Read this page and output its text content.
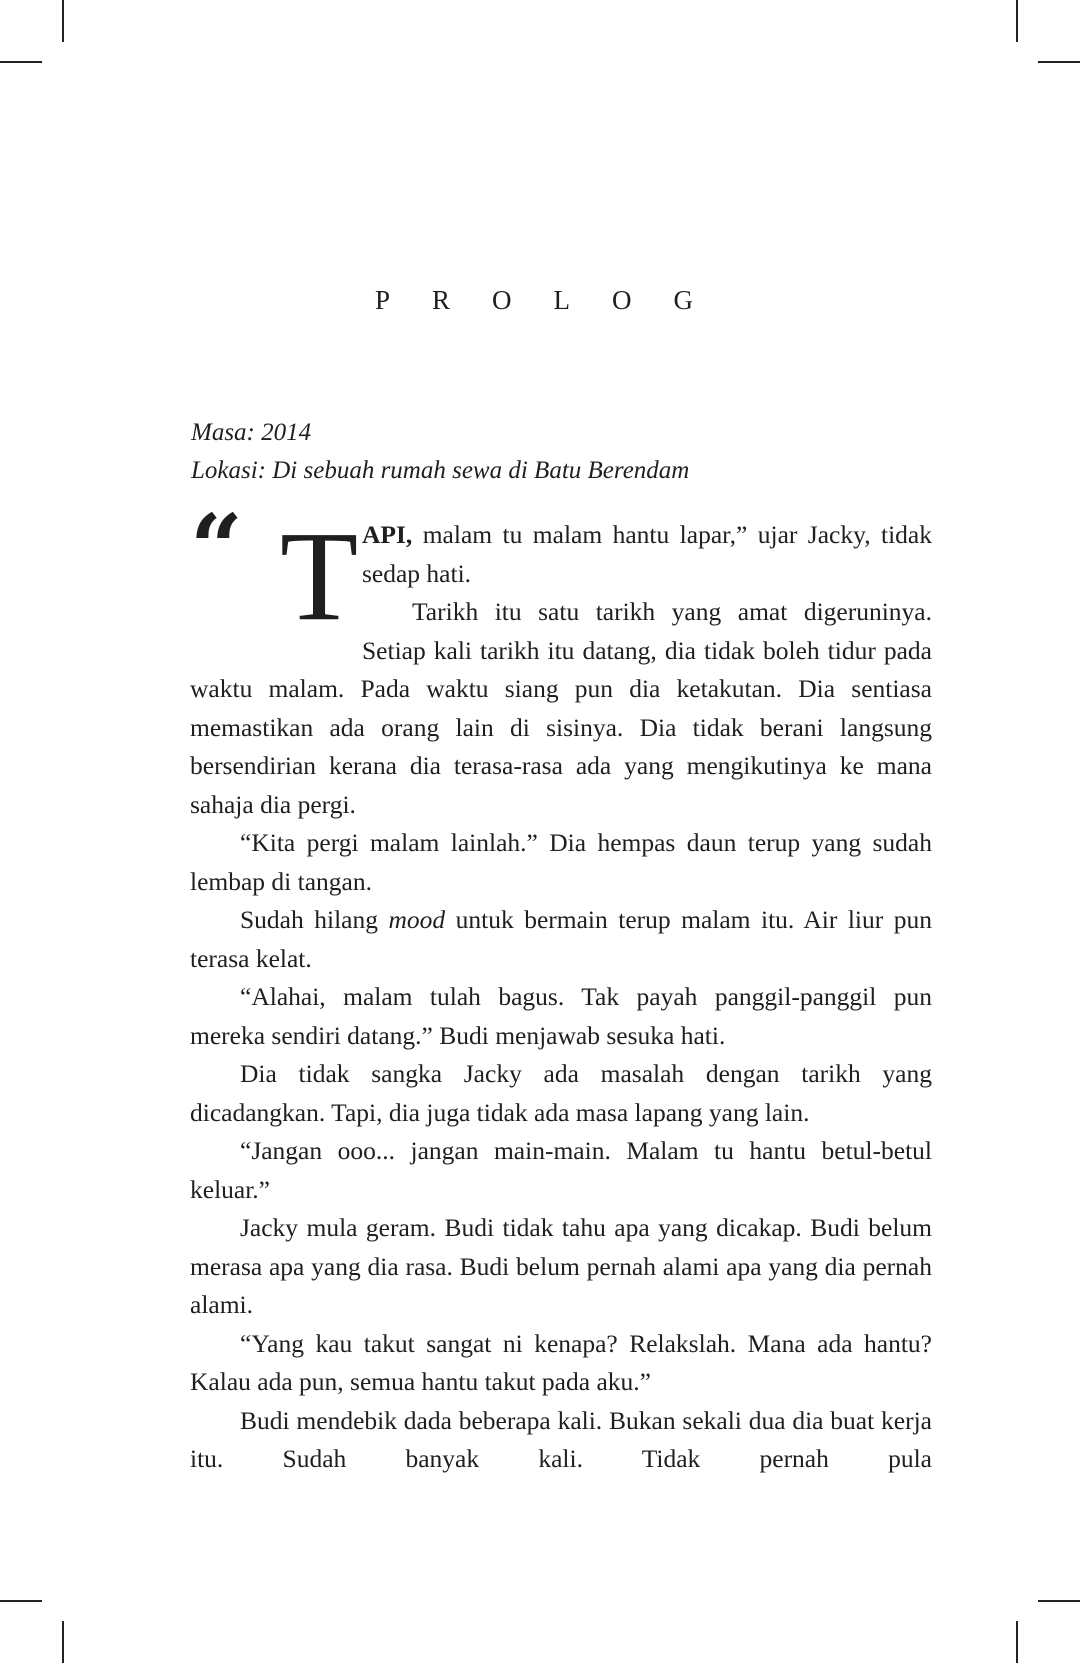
PROLOG
Masa: 2014
Lokasi: Di sebuah rumah sewa di Batu Berendam

“ T API, malam tu malam hantu lapar,” ujar Jacky, tidak sedap hati.

Tarikh itu satu tarikh yang amat digeruninya. Setiap kali tarikh itu datang, dia tidak boleh tidur pada waktu malam. Pada waktu siang pun dia ketakutan. Dia sentiasa memastikan ada orang lain di sisinya. Dia tidak berani langsung bersendirian kerana dia terasa-rasa ada yang mengikutinya ke mana sahaja dia pergi.

“Kita pergi malam lainlah.” Dia hempas daun terup yang sudah lembap di tangan.

Sudah hilang mood untuk bermain terup malam itu. Air liur pun terasa kelat.

“Alahai, malam tulah bagus. Tak payah panggil-panggil pun mereka sendiri datang.” Budi menjawab sesuka hati.

Dia tidak sangka Jacky ada masalah dengan tarikh yang dicadangkan. Tapi, dia juga tidak ada masa lapang yang lain.

“Jangan ooo... jangan main-main. Malam tu hantu betul-betul keluar.”

Jacky mula geram. Budi tidak tahu apa yang dicakap. Budi belum merasa apa yang dia rasa. Budi belum pernah alami apa yang dia pernah alami.

“Yang kau takut sangat ni kenapa? Relakslah. Mana ada hantu? Kalau ada pun, semua hantu takut pada aku.”

Budi mendebik dada beberapa kali. Bukan sekali dua dia buat kerja itu. Sudah banyak kali. Tidak pernah pula
